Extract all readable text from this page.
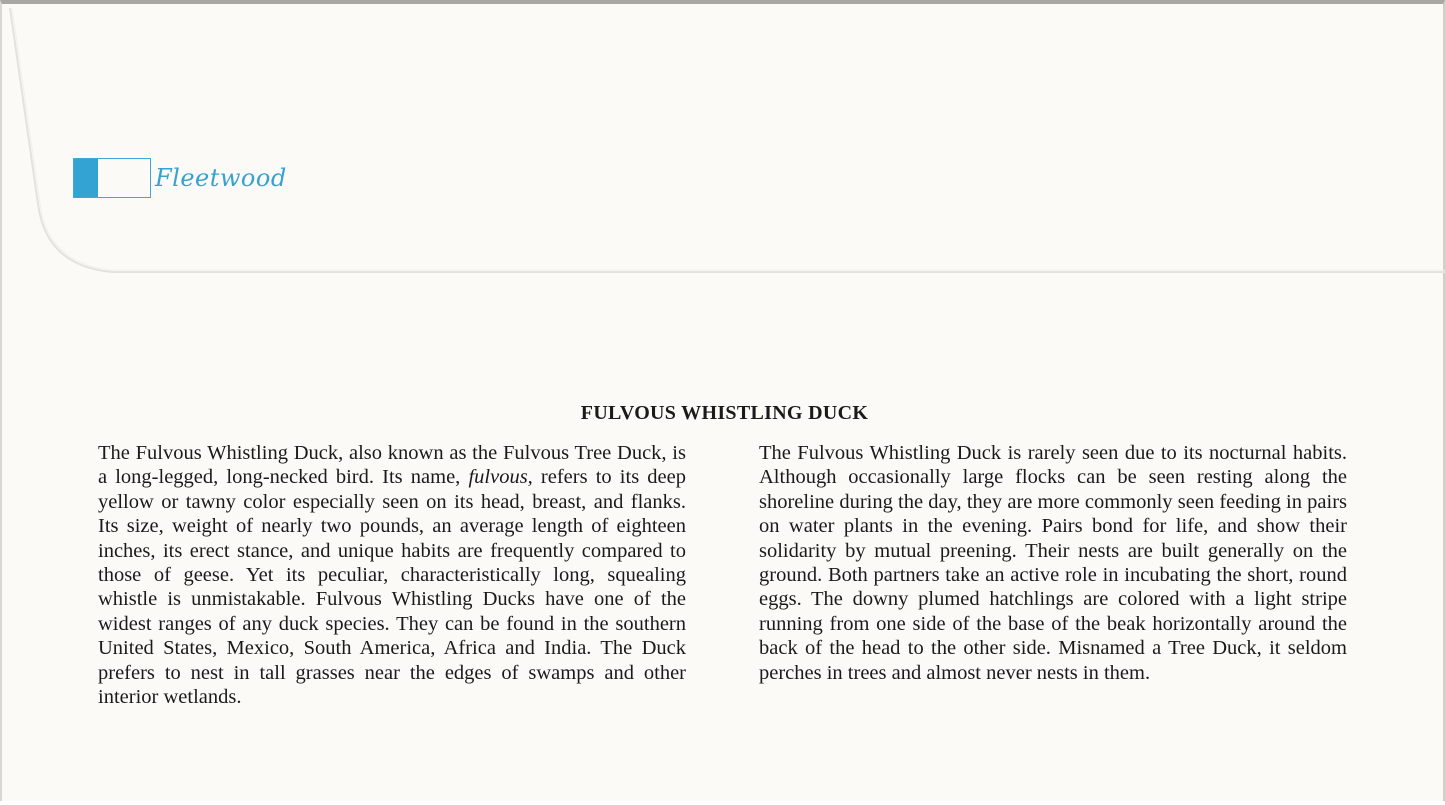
Fleetwood
FULVOUS WHISTLING DUCK
The Fulvous Whistling Duck, also known as the Fulvous Tree Duck, is a long-legged, long-necked bird. Its name, fulvous, refers to its deep yellow or tawny color especially seen on its head, breast, and flanks. Its size, weight of nearly two pounds, an average length of eighteen inches, its erect stance, and unique habits are frequently compared to those of geese. Yet its peculiar, characteristically long, squealing whistle is unmistakable. Fulvous Whistling Ducks have one of the widest ranges of any duck species. They can be found in the southern United States, Mexico, South America, Africa and India. The Duck prefers to nest in tall grasses near the edges of swamps and other interior wetlands.
The Fulvous Whistling Duck is rarely seen due to its nocturnal habits. Although occasionally large flocks can be seen resting along the shoreline during the day, they are more commonly seen feeding in pairs on water plants in the evening. Pairs bond for life, and show their solidarity by mutual preening. Their nests are built generally on the ground. Both partners take an active role in incubating the short, round eggs. The downy plumed hatchlings are colored with a light stripe running from one side of the base of the beak horizontally around the back of the head to the other side. Misnamed a Tree Duck, it seldom perches in trees and almost never nests in them.
